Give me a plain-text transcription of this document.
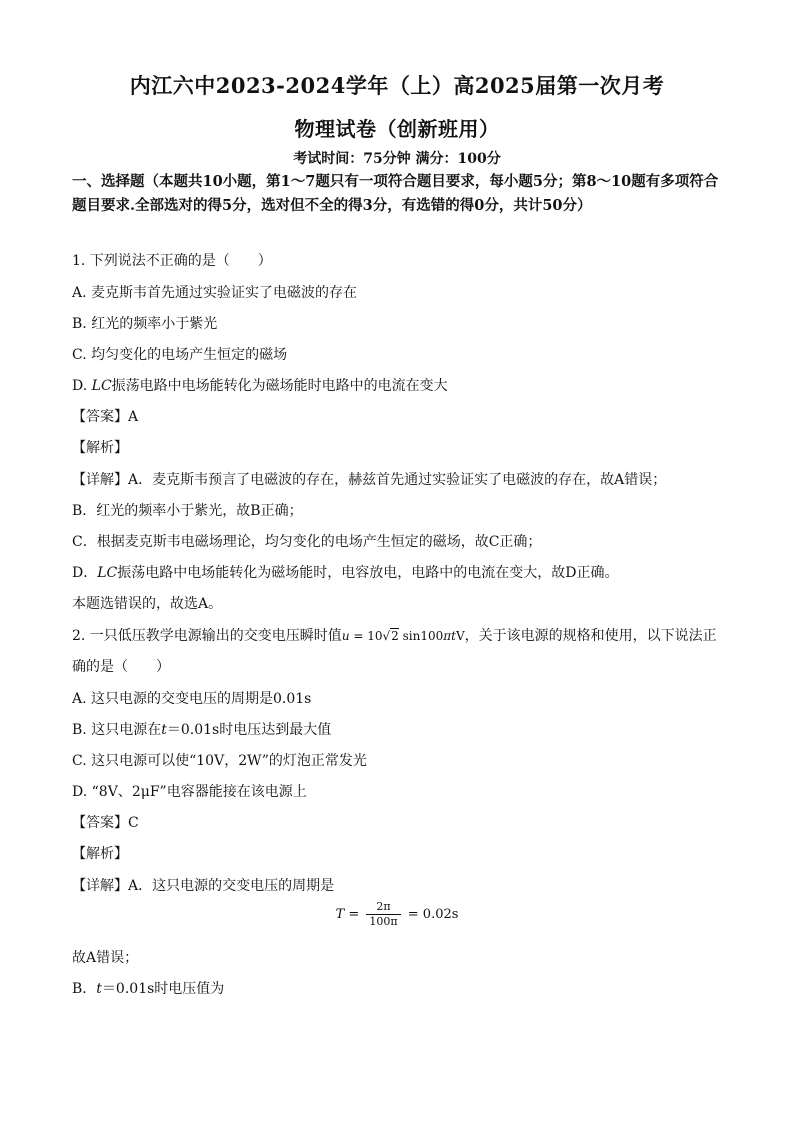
内江六中2023-2024学年（上）高2025届第一次月考
物理试卷（创新班用）
考试时间：75分钟 满分：100分
一、选择题（本题共10小题，第1～7题只有一项符合题目要求，每小题5分；第8～10题有多项符合题目要求.全部选对的得5分，选对但不全的得3分，有选错的得0分，共计50分）
1. 下列说法不正确的是（　　）
A. 麦克斯韦首先通过实验证实了电磁波的存在
B. 红光的频率小于紫光
C. 均匀变化的电场产生恒定的磁场
D. LC振荡电路中电场能转化为磁场能时电路中的电流在变大
【答案】A
【解析】
【详解】A．麦克斯韦预言了电磁波的存在，赫兹首先通过实验证实了电磁波的存在，故A错误；
B．红光的频率小于紫光，故B正确；
C．根据麦克斯韦电磁场理论，均匀变化的电场产生恒定的磁场，故C正确；
D．LC振荡电路中电场能转化为磁场能时，电容放电，电路中的电流在变大，故D正确。
本题选错误的，故选A。
2. 一只低压教学电源输出的交变电压瞬时值u = 10√2 sin100πtV，关于该电源的规格和使用，以下说法正
确的是（　　）
A. 这只电源的交变电压的周期是0.01s
B. 这只电源在t＝0.01s时电压达到最大值
C. 这只电源可以使“10V，2W”的灯泡正常发光
D. “8V、2μF”电容器能接在该电源上
【答案】C
【解析】
【详解】A．这只电源的交变电压的周期是
$T = \frac{2\pi}{100\pi} = 0.02s$
故A错误；
B．t＝0.01s时电压值为
